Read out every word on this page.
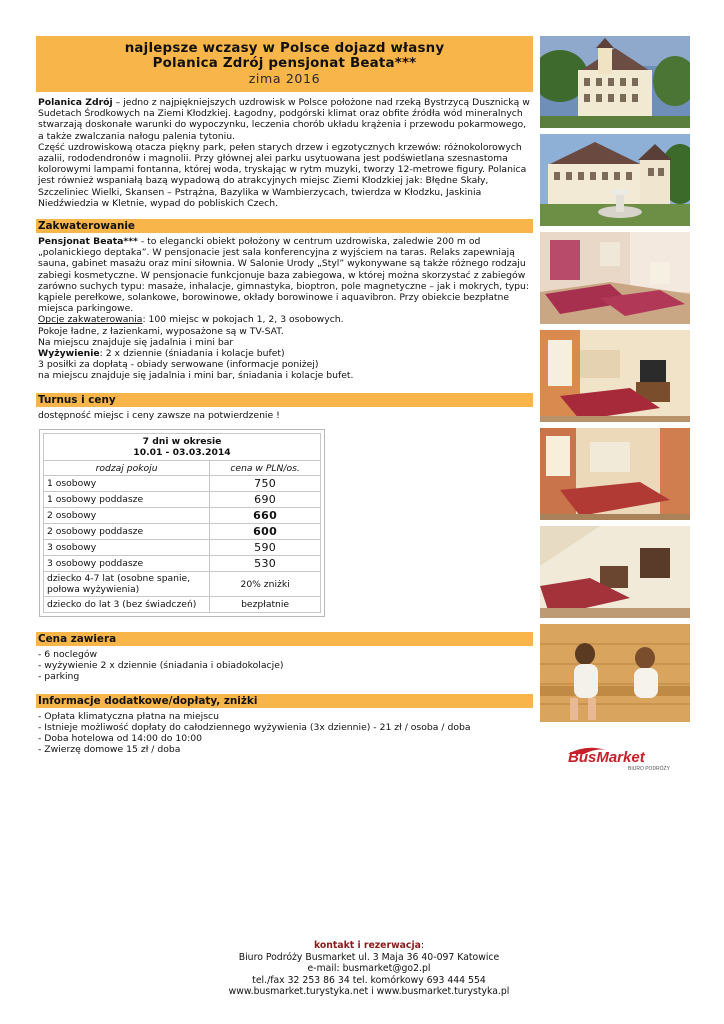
najlepsze wczasy w Polsce dojazd własny
Polanica Zdrój pensjonat Beata***
zima 2016

Polanica Zdrój – jedno z najpiękniejszych uzdrowisk w Polsce położone nad rzeką Bystrzycą Dusznicką w Sudetach Środkowych na Ziemi Kłodzkiej. Łagodny, podgórski klimat oraz obfite źródła wód mineralnych stwarzają doskonałe warunki do wypoczynku, leczenia chorób układu krążenia i przewodu pokarmowego, a także zwalczania nałogu palenia tytoniu.

Część uzdrowiskową otacza piękny park, pełen starych drzew i egzotycznych krzewów: różnokolorowych azalii, rododendronów i magnolii. Przy głównej alei parku usytuowana jest podświetlana szesnastoma kolorowymi lampami fontanna, której woda, tryskając w rytm muzyki, tworzy 12-metrowe figury. Polanica jest również wspaniałą bazą wypadową do atrakcyjnych miejsc Ziemi Kłodzkiej jak: Błędne Skały, Szczeliniec Wielki, Skansen – Pstrążna, Bazylika w Wambierzycach, twierdza w Kłodzku, Jaskinia Niedźwiedzia w Kletnie, wypad do pobliskich Czech.

Zakwaterowanie
Pensjonat Beata*** - to elegancki obiekt położony w centrum uzdrowiska, zaledwie 200 m od „polanickiego deptaka”. W pensjonacie jest sala konferencyjna z wyjściem na taras. Relaks zapewniają sauna, gabinet masażu oraz mini siłownia. W Salonie Urody „Styl” wykonywane są także różnego rodzaju zabiegi kosmetyczne. W pensjonacie funkcjonuje baza zabiegowa, w której można skorzystać z zabiegów zarówno suchych typu: masaże, inhalacje, gimnastyka, bioptron, pole magnetyczne – jak i mokrych, typu: kąpiele perełkowe, solankowe, borowinowe, okłady borowinowe i aquavibron. Przy obiekcie bezpłatne miejsca parkingowe.
Opcje zakwaterowania: 100 miejsc w pokojach 1, 2, 3 osobowych.
Pokoje ładne, z łazienkami, wyposażone są w TV-SAT.
Na miejscu znajduje się jadalnia i mini bar
Wyżywienie: 2 x dziennie (śniadania i kolacje bufet)
3 posiłki za dopłatą - obiady serwowane (informacje poniżej)
na miejscu znajduje się jadalnia i mini bar, śniadania i kolacje bufet.
Turnus i ceny
dostępność miejsc i ceny zawsze na potwierdzenie !
7 dni w okresie
10.01 - 03.03.2014	
rodzaj pokoju	cena w PLN/os.
1 osobowy	750
1 osobowy poddasze	690
2 osobowy	660
2 osobowy poddasze	600
3 osobowy	590
3 osobowy poddasze	530
dziecko 4-7 lat (osobne spanie, połowa wyżywienia)	20% zniżki
dziecko do lat 3 (bez świadczeń)	bezpłatnie
Cena zawiera
- 6 noclegów
- wyżywienie 2 x dziennie (śniadania i obiadokolacje)
- parking
Informacje dodatkowe/dopłaty, zniżki
- Opłata klimatyczna płatna na miejscu
- Istnieje możliwość dopłaty do całodziennego wyżywienia (3x dziennie) - 21 zł / osoba / doba
- Doba hotelowa od 14:00 do 10:00
- Zwierzę domowe 15 zł / doba	BusMarket
BIURO PODRÓŻY
kontakt i rezerwacja:
Biuro Podróży Busmarket ul. 3 Maja 36 40-097 Katowice
e-mail: busmarket@go2.pl
tel./fax 32 253 86 34 tel. komórkowy 693 444 554
www.busmarket.turystyka.net i www.busmarket.turystyka.pl
